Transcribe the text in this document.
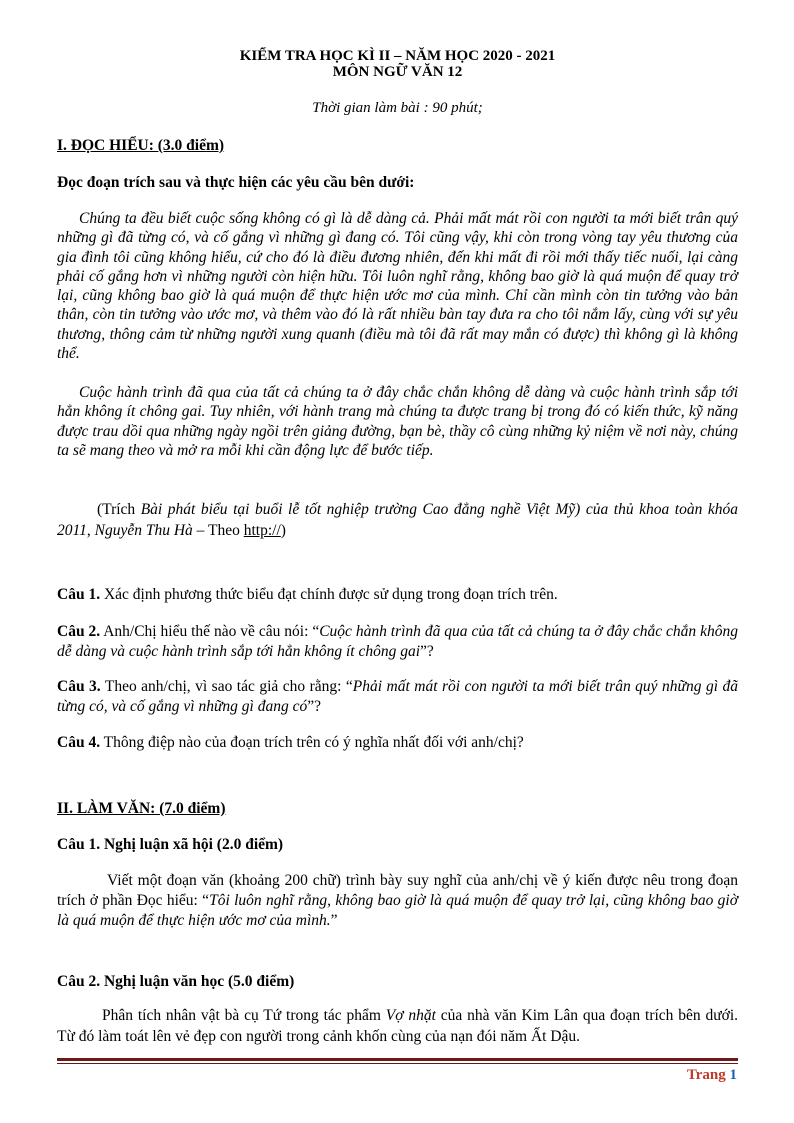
KIỂM TRA HỌC KÌ II – NĂM HỌC 2020 - 2021
MÔN NGỮ VĂN 12
Thời gian làm bài : 90 phút;
I. ĐỌC HIỂU: (3.0 điểm)
Đọc đoạn trích sau và thực hiện các yêu cầu bên dưới:
Chúng ta đều biết cuộc sống không có gì là dễ dàng cả. Phải mất mát rồi con người ta mới biết trân quý những gì đã từng có, và cố gắng vì những gì đang có. Tôi cũng vậy, khi còn trong vòng tay yêu thương của gia đình tôi cũng không hiểu, cứ cho đó là điều đương nhiên, đến khi mất đi rồi mới thấy tiếc nuối, lại càng phải cố gắng hơn vì những người còn hiện hữu. Tôi luôn nghĩ rằng, không bao giờ là quá muộn để quay trở lại, cũng không bao giờ là quá muộn để thực hiện ước mơ của mình. Chỉ cần mình còn tin tưởng vào bản thân, còn tin tưởng vào ước mơ, và thêm vào đó là rất nhiều bàn tay đưa ra cho tôi nắm lấy, cùng với sự yêu thương, thông cảm từ những người xung quanh (điều mà tôi đã rất may mắn có được) thì không gì là không thể.
Cuộc hành trình đã qua của tất cả chúng ta ở đây chắc chắn không dễ dàng và cuộc hành trình sắp tới hẳn không ít chông gai. Tuy nhiên, với hành trang mà chúng ta được trang bị trong đó có kiến thức, kỹ năng được trau dồi qua những ngày ngồi trên giảng đường, bạn bè, thầy cô cùng những kỷ niệm về nơi này, chúng ta sẽ mang theo và mở ra mỗi khi cần động lực để bước tiếp.
(Trích Bài phát biểu tại buổi lễ tốt nghiệp trường Cao đẳng nghề Việt Mỹ) của thủ khoa toàn khóa 2011, Nguyễn Thu Hà – Theo http://)
Câu 1. Xác định phương thức biểu đạt chính được sử dụng trong đoạn trích trên.
Câu 2. Anh/Chị hiểu thế nào về câu nói: “Cuộc hành trình đã qua của tất cả chúng ta ở đây chắc chắn không dễ dàng và cuộc hành trình sắp tới hẳn không ít chông gai”?
Câu 3. Theo anh/chị, vì sao tác giả cho rằng: “Phải mất mát rồi con người ta mới biết trân quý những gì đã từng có, và cố gắng vì những gì đang có”?
Câu 4. Thông điệp nào của đoạn trích trên có ý nghĩa nhất đối với anh/chị?
II. LÀM VĂN: (7.0 điểm)
Câu 1. Nghị luận xã hội (2.0 điểm)
Viết một đoạn văn (khoảng 200 chữ) trình bày suy nghĩ của anh/chị về ý kiến được nêu trong đoạn trích ở phần Đọc hiểu: “Tôi luôn nghĩ rằng, không bao giờ là quá muộn để quay trở lại, cũng không bao giờ là quá muộn để thực hiện ước mơ của mình.”
Câu 2. Nghị luận văn học (5.0 điểm)
Phân tích nhân vật bà cụ Tứ trong tác phẩm Vợ nhặt của nhà văn Kim Lân qua đoạn trích bên dưới. Từ đó làm toát lên vẻ đẹp con người trong cảnh khốn cùng của nạn đói năm Ất Dậu.
Trang 1
